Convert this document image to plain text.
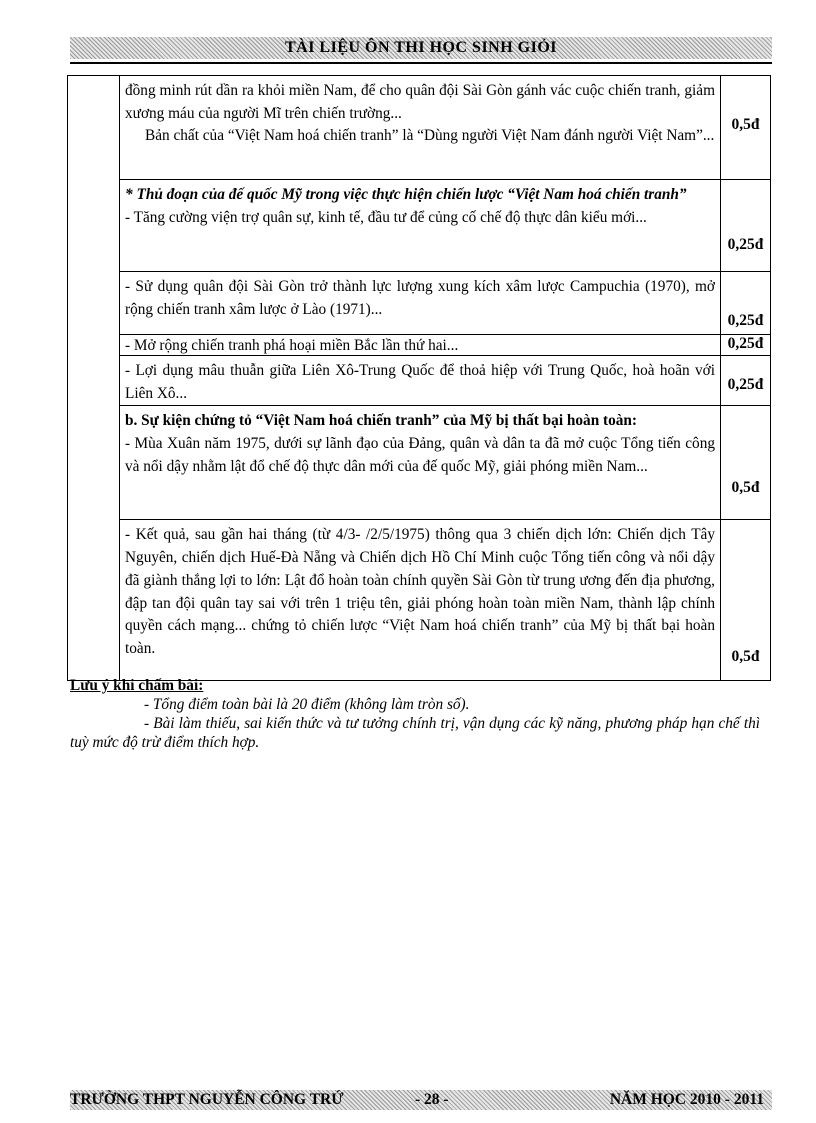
TÀI LIỆU ÔN THI HỌC SINH GIỎI

	đồng minh rút dần ra khỏi miền Nam, để cho quân đội Sài Gòn gánh vác cuộc chiến tranh, giảm xương máu của người Mĩ trên chiến trường...

Bản chất của “Việt Nam hoá chiến tranh” là “Dùng người Việt Nam đánh người Việt Nam”...	0,5đ

	* Thủ đoạn của đế quốc Mỹ trong việc thực hiện chiến lược “Việt Nam hoá chiến tranh”

- Tăng cường viện trợ quân sự, kinh tế, đầu tư để củng cố chế độ thực dân kiểu mới...	0,25đ

	- Sử dụng quân đội Sài Gòn trở thành lực lượng xung kích xâm lược Campuchia (1970), mở rộng chiến tranh xâm lược ở Lào (1971)...	0,25đ

	- Mở rộng chiến tranh phá hoại miền Bắc lần thứ hai...	0,25đ

	- Lợi dụng mâu thuẫn giữa Liên Xô-Trung Quốc để thoả hiệp với Trung Quốc, hoà hoãn với Liên Xô...	0,25đ

	b. Sự kiện chứng tỏ “Việt Nam hoá chiến tranh” của Mỹ bị thất bại hoàn toàn:

- Mùa Xuân năm 1975, dưới sự lãnh đạo của Đảng, quân và dân ta đã mở cuộc Tổng tiến công và nổi dậy nhằm lật đổ chế độ thực dân mới của đế quốc Mỹ, giải phóng miền Nam...	0,5đ

	- Kết quả, sau gần hai tháng (từ 4/3- /2/5/1975) thông qua 3 chiến dịch lớn: Chiến dịch Tây Nguyên, chiến dịch Huế-Đà Nẵng và Chiến dịch Hồ Chí Minh cuộc Tổng tiến công và nổi dậy đã giành thắng lợi to lớn: Lật đổ hoàn toàn chính quyền Sài Gòn từ trung ương đến địa phương, đập tan đội quân tay sai với trên 1 triệu tên, giải phóng hoàn toàn miền Nam, thành lập chính quyền cách mạng... chứng tỏ chiến lược “Việt Nam hoá chiến tranh” của Mỹ bị thất bại hoàn toàn.	0,5đ
Lưu ý khi chấm bài:
- Tổng điểm toàn bài là 20 điểm (không làm tròn số).
- Bài làm thiếu, sai kiến thức và tư tưởng chính trị, vận dụng các kỹ năng, phương pháp hạn chế thì tuỳ mức độ trừ điểm thích hợp.
TRƯỜNG THPT NGUYỄN CÔNG TRỨ	- 28 -	NĂM HỌC 2010 - 2011
